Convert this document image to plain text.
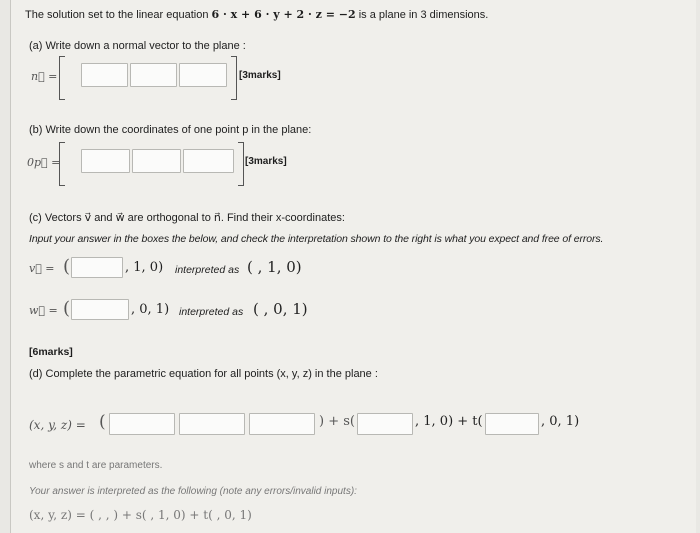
The solution set to the linear equation 6 · x + 6 · y + 2 · z = −2 is a plane in 3 dimensions.
(a) Write down a normal vector to the plane :
n⃗ =	[3marks]
(b) Write down the coordinates of one point p in the plane:
0p⃗ =	[3marks]
(c) Vectors v⃗ and w⃗ are orthogonal to n⃗. Find their x-coordinates:
Input your answer in the boxes the below, and check the interpretation shown to the right is what you expect and free of errors.
v⃗ = (	, 1, 0) interpreted as ( , 1, 0)
w⃗ = (	, 0, 1) interpreted as ( , 0, 1)
[6marks]
(d) Complete the parametric equation for all points (x, y, z) in the plane :
(x, y, z) = (	) + s(	, 1, 0) + t(	, 0, 1)
where s and t are parameters.
Your answer is interpreted as the following (note any errors/invalid inputs):
(x, y, z) = ( , , ) + s( , 1, 0) + t( , 0, 1)
